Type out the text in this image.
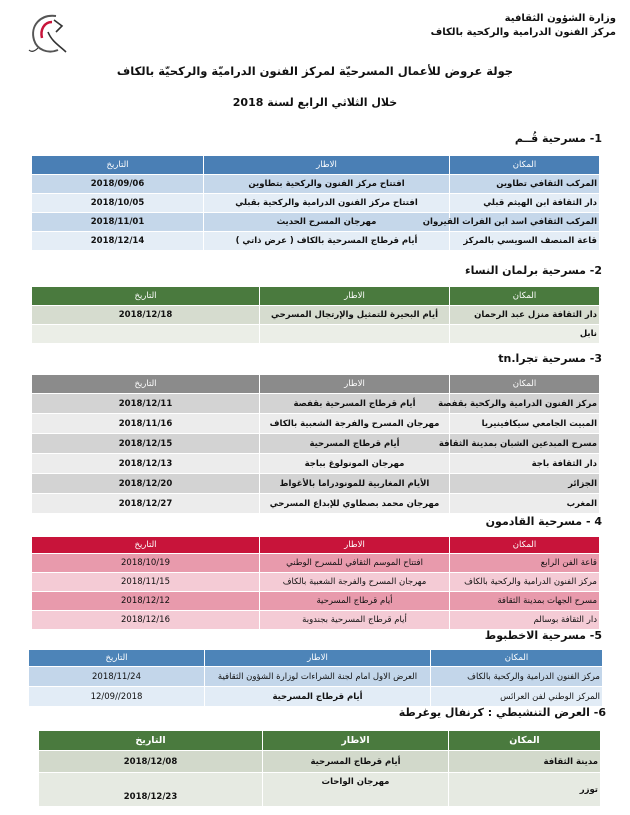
وزارة الشؤون الثقافية
مركز الفنون الدرامية والركحية بالكاف
جولة عروض للأعمال المسرحيّة لمركز الفنون الدراميّة والركحيّة بالكاف
خلال الثلاثي الرابع لسنة 2018
1- مسرحية قُــم
المكان	الاطار	التاريخ
المركب الثقافي تطاوين	افتتاح مركز الفنون والركحية بتطاوين	2018/09/06
دار الثقافة ابن الهيثم قبلي	افتتاح مركز الفنون الدرامية والركحية بقبلي	2018/10/05
المركب الثقافي اسد ابن الفرات القيروان	مهرجان المسرح الحديث	2018/11/01
قاعة المنصف السويسي بالمركز	أيام قرطاج المسرحية بالكاف ( عرض ذاتي )	2018/12/14
2- مسرحية برلمان النساء
المكان	الاطار	التاريخ
دار الثقافة منزل عبد الرحمان	أيام البحيرة للتمثيل والإرتجال المسرحي	2018/12/18
نابل		
3- مسرحية تجرا.tn
المكان	الاطار	التاريخ
مركز الفنون الدرامية والركحية بقفصة	أيام قرطاج المسرحية بقفصة	2018/12/11
المبيت الجامعي سيكافينيريا	مهرجان المسرح والفرجة الشعبية بالكاف	2018/11/16
مسرح المبدعين الشبان بمدينة الثقافة	أيام قرطاج المسرحية	2018/12/15
دار الثقافة باجة	مهرجان المونولوغ بباجة	2018/12/13
الجزائر	الأيام المغاربية للمونودراما بالأغواط	2018/12/20
المغرب	مهرجان محمد بصطاوي للإبداع المسرحي	2018/12/27
4 - مسرحية القادمون
المكان	الاطار	التاريخ
قاعة الفن الرابع	افتتاح الموسم الثقافي للمسرح الوطني	2018/10/19
مركز الفنون الدرامية والركحية بالكاف	مهرجان المسرح والفرجة الشعبية بالكاف	2018/11/15
مسرح الجهات بمدينة الثقافة	أيام قرطاج المسرحية	2018/12/12
دار الثقافة بوسالم	أيام قرطاج المسرحية بجندوبة	2018/12/16
5- مسرحية الاخطبوط
المكان	الاطار	التاريخ
مركز الفنون الدرامية والركحية بالكاف	العرض الاول امام لجنة الشراءات لوزارة الشؤون الثقافية	2018/11/24
المركز الوطني لفن العرائس	أيام قرطاج المسرحية	2018//12/09
6- العرض التنشيطي : كرنفال يوغرطة
المكان	الاطار	التاريخ
مدينة الثقافة	أيام قرطاج المسرحية	2018/12/08
توزر	مهرجان الواحات	2018/12/23
